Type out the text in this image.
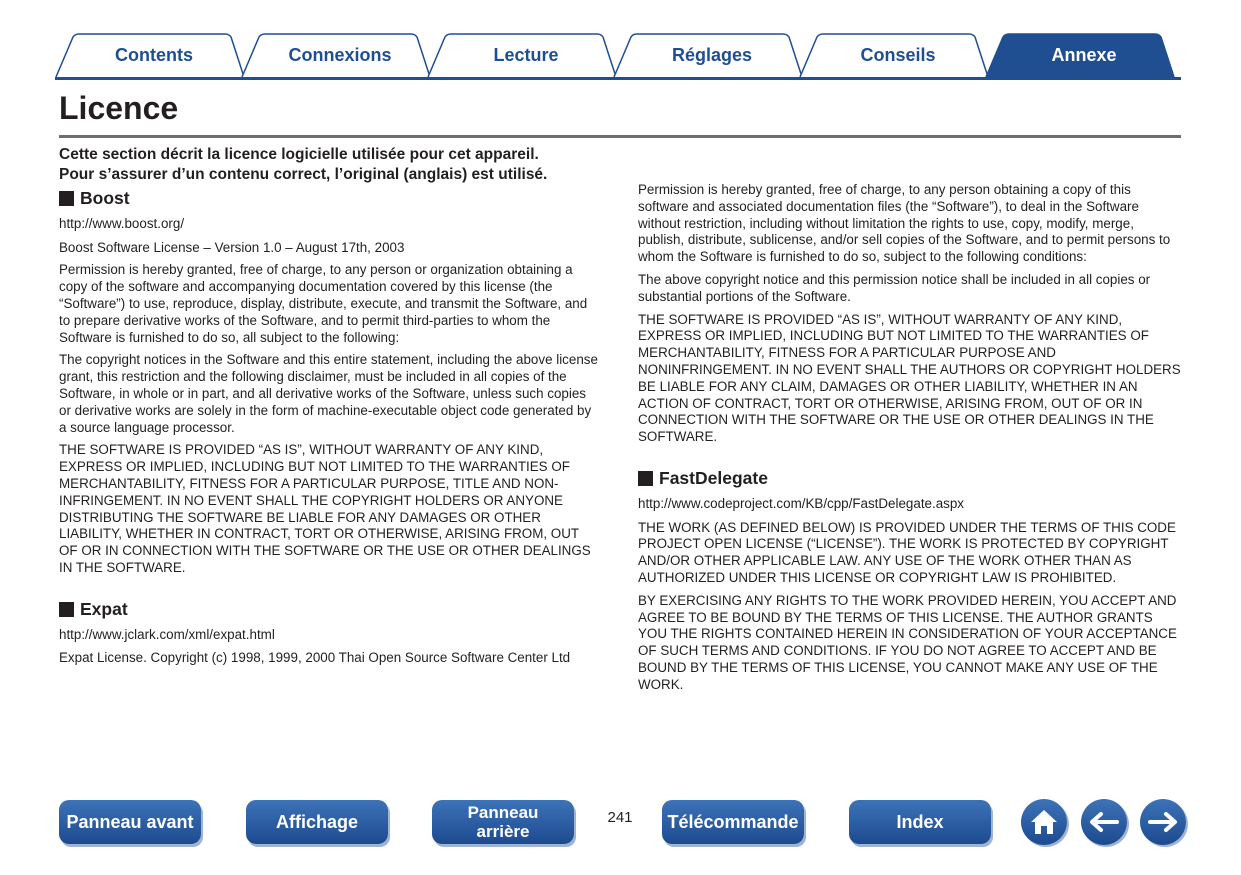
Contents	Connexions	Lecture	Réglages	Conseils	Annexe
Licence

Cette section décrit la licence logicielle utilisée pour cet appareil.
Pour s’assurer d’un contenu correct, l’original (anglais) est utilisé.

Boost

http://www.boost.org/

Boost Software License – Version 1.0 – August 17th, 2003

Permission is hereby granted, free of charge, to any person or organization obtaining a copy of the software and accompanying documentation covered by this license (the “Software”) to use, reproduce, display, distribute, execute, and transmit the Software, and to prepare derivative works of the Software, and to permit third-parties to whom the Software is furnished to do so, all subject to the following:

The copyright notices in the Software and this entire statement, including the above license grant, this restriction and the following disclaimer, must be included in all copies of the Software, in whole or in part, and all derivative works of the Software, unless such copies or derivative works are solely in the form of machine-executable object code generated by a source language processor.

THE SOFTWARE IS PROVIDED “AS IS”, WITHOUT WARRANTY OF ANY KIND, EXPRESS OR IMPLIED, INCLUDING BUT NOT LIMITED TO THE WARRANTIES OF MERCHANTABILITY, FITNESS FOR A PARTICULAR PURPOSE, TITLE AND NON-INFRINGEMENT. IN NO EVENT SHALL THE COPYRIGHT HOLDERS OR ANYONE DISTRIBUTING THE SOFTWARE BE LIABLE FOR ANY DAMAGES OR OTHER LIABILITY, WHETHER IN CONTRACT, TORT OR OTHERWISE, ARISING FROM, OUT OF OR IN CONNECTION WITH THE SOFTWARE OR THE USE OR OTHER DEALINGS IN THE SOFTWARE.

Expat

http://www.jclark.com/xml/expat.html

Expat License. Copyright (c) 1998, 1999, 2000 Thai Open Source Software Center Ltd

Permission is hereby granted, free of charge, to any person obtaining a copy of this software and associated documentation files (the “Software”), to deal in the Software without restriction, including without limitation the rights to use, copy, modify, merge, publish, distribute, sublicense, and/or sell copies of the Software, and to permit persons to whom the Software is furnished to do so, subject to the following conditions:

The above copyright notice and this permission notice shall be included in all copies or substantial portions of the Software.

THE SOFTWARE IS PROVIDED “AS IS”, WITHOUT WARRANTY OF ANY KIND, EXPRESS OR IMPLIED, INCLUDING BUT NOT LIMITED TO THE WARRANTIES OF MERCHANTABILITY, FITNESS FOR A PARTICULAR PURPOSE AND NONINFRINGEMENT. IN NO EVENT SHALL THE AUTHORS OR COPYRIGHT HOLDERS BE LIABLE FOR ANY CLAIM, DAMAGES OR OTHER LIABILITY, WHETHER IN AN ACTION OF CONTRACT, TORT OR OTHERWISE, ARISING FROM, OUT OF OR IN CONNECTION WITH THE SOFTWARE OR THE USE OR OTHER DEALINGS IN THE SOFTWARE.

FastDelegate

http://www.codeproject.com/KB/cpp/FastDelegate.aspx

THE WORK (AS DEFINED BELOW) IS PROVIDED UNDER THE TERMS OF THIS CODE PROJECT OPEN LICENSE (“LICENSE”). THE WORK IS PROTECTED BY COPYRIGHT AND/OR OTHER APPLICABLE LAW. ANY USE OF THE WORK OTHER THAN AS AUTHORIZED UNDER THIS LICENSE OR COPYRIGHT LAW IS PROHIBITED.

BY EXERCISING ANY RIGHTS TO THE WORK PROVIDED HEREIN, YOU ACCEPT AND AGREE TO BE BOUND BY THE TERMS OF THIS LICENSE. THE AUTHOR GRANTS YOU THE RIGHTS CONTAINED HEREIN IN CONSIDERATION OF YOUR ACCEPTANCE OF SUCH TERMS AND CONDITIONS. IF YOU DO NOT AGREE TO ACCEPT AND BE BOUND BY THE TERMS OF THIS LICENSE, YOU CANNOT MAKE ANY USE OF THE WORK.

Panneau avant	Affichage	Panneau
arrière
241	Télécommande	Index
